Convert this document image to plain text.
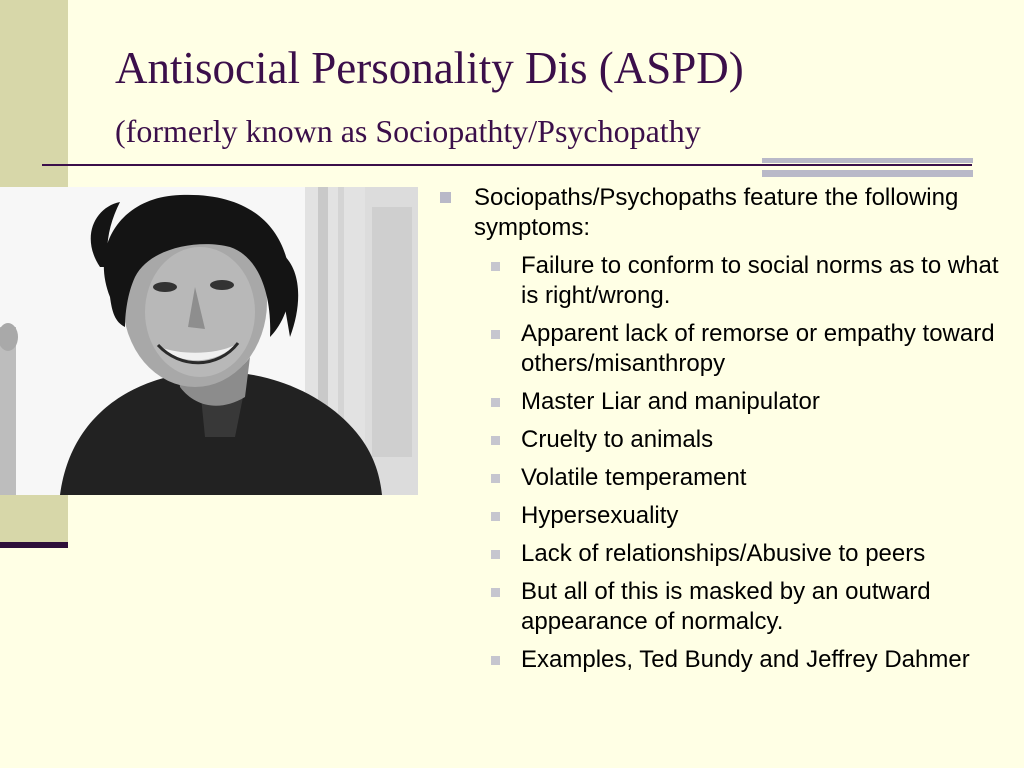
Antisocial Personality Dis (ASPD)
(formerly known as Sociopathty/Psychopathy
Sociopaths/Psychopaths feature the following symptoms:
Failure to conform to social norms as to what is right/wrong.
Apparent lack of remorse or empathy toward others/misanthropy
Master Liar and manipulator
Cruelty to animals
Volatile temperament
Hypersexuality
Lack of relationships/Abusive to peers
But all of this is masked by an outward appearance of normalcy.
Examples, Ted Bundy and Jeffrey Dahmer
